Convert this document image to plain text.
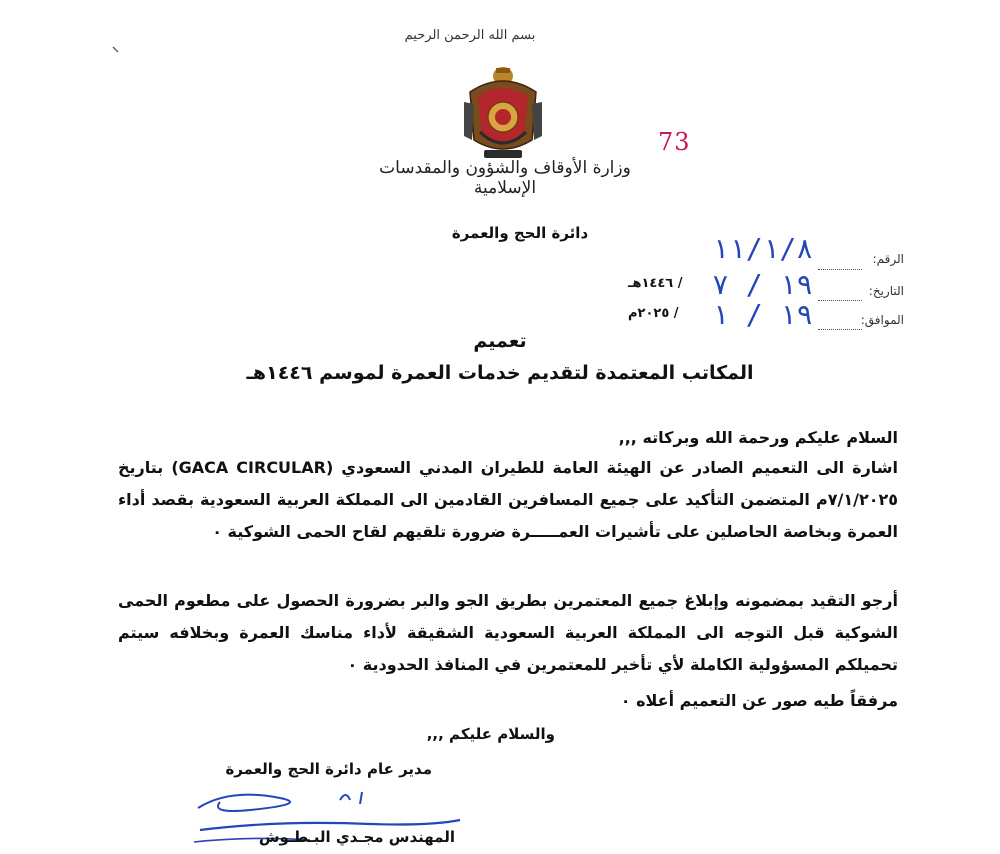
بسم الله الرحمن الرحيم
وزارة الأوقاف والشؤون والمقدسات الإسلامية
73
دائرة الحج والعمرة
الرقم:
التاريخ:
الموافق:
١١/١/٨
١٩ / ٧
١٩ / ١
/ ١٤٤٦هـ
/ ٢٠٢٥م
تعميم
المكاتب المعتمدة لتقديم خدمات العمرة لموسم ١٤٤٦هـ
السلام عليكم ورحمة الله وبركاته ,,,
اشارة الى التعميم الصادر عن الهيئة العامة للطيران المدني السعودي (GACA CIRCULAR) بتاريخ ٧/١/٢٠٢٥م المتضمن التأكيد على جميع المسافرين القادمين الى المملكة العربية السعودية بقصد أداء العمرة وبخاصة الحاصلين على تأشيرات العمـــــرة ضرورة تلقيهم لقاح الحمى الشوكية ٠
أرجو التقيد بمضمونه وإبلاغ جميع المعتمرين بطريق الجو والبر بضرورة الحصول على مطعوم الحمى الشوكية قبل التوجه الى المملكة العربية السعودية الشقيقة لأداء مناسك العمرة وبخلافه سيتم تحميلكم المسؤولية الكاملة لأي تأخير للمعتمرين في المنافذ الحدودية ٠
مرفقاً طيه صور عن التعميم أعلاه ٠
والسلام عليكم ,,,
مدير عام دائرة الحج والعمرة
المهندس مجـدي البـطـوش
